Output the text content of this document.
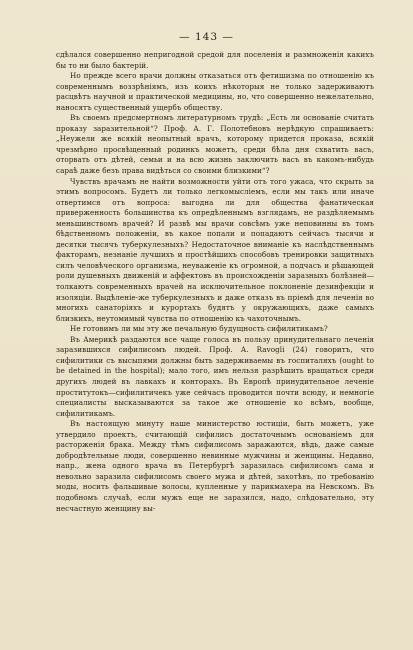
— 143 —

сдѣлался совершенно непригодной средой для поселенія и размноженія какихъ бы то ни было бактерій.

Но прежде всего врачи должны отказаться отъ фетишизма по отношенію къ современнымъ воззрѣніямъ, изъ коихъ нѣкоторыя не только задерживаютъ расцвѣтъ научной и практической медицины, но, что совершенно нежелательно, наносятъ существенный ущербъ обществу.

Въ своемъ предсмертномъ литературномъ трудѣ: „Есть ли основаніе считать проказу заразительной“? Проф. А. Г. Полотебновъ нерѣдкую спрашиваетъ: „Неужели же всякій неопытный врачъ, которому придется проказа, всякій чрезмѣрно просвѣщенный родинкъ можетъ, среди бѣла дня схватить васъ, оторвать отъ дѣтей, семьи и на всю жизнь заключить васъ въ какомъ-нибудь сараѣ даже безъ права видѣться со своими близкими“?

Чувствъ врачамъ не найти возможности уйти отъ того ужаса, что скрыть за этимъ вопросомъ. Будетъ ли только легкомысліемъ, если мы такъ или иначе отвертимся отъ вопроса: выгодна ли для общества фанатическая приверженность большинства къ опредѣленнымъ взглядамъ, не раздѣляемымъ меньшинствомъ врачей? И развѣ мы врачи совсѣмъ уже неповинны въ томъ бѣдственномъ положеніи, въ какое попали и попадаютъ сейчасъ тысячи и десятки тысячъ туберкулезныхъ? Недостаточное вниманіе къ наслѣдственнымъ факторамъ, незнаніе лучшихъ и простѣйшихъ способовъ тренировки защитныхъ силъ человѣческого организма, неуваженіе къ огромной, а подчасъ и рѣшающей роли душевныхъ движеній и аффектовъ въ происхожденіи заразныхъ болѣзней—толкаютъ современныхъ врачей на исключительное поклоненіе дезинфекціи и изоляціи. Выдѣленіе-же туберкулезныхъ и даже отказъ въ пріемѣ для леченія во многихъ санаторіяхъ и курортахъ будятъ у окружающихъ, даже самыхъ близкихъ, неутомимый чувства по отношенію къ чахоточнымъ.

Не готовимъ ли мы эту же печальную будущность сифилитикамъ?

Въ Америкѣ раздаются все чаще голоса въ пользу принудительнаго леченія заразившихся сифилисомъ людей. Проф. А. Ravogli (24) говоритъ, что сифилитики съ высыпями должны быть задерживаемы въ госпиталяхъ (ought to be detained in the hospital); мало того, имъ нельзя разрѣшить вращаться среди другихъ людей въ лавкахъ и конторахъ. Въ Европѣ принудительное леченіе проститутокъ—сифилитичекъ уже сейчасъ проводится почти всюду, и немногіе специалисты высказываются за такое же отношеніе ко всѣмъ, вообще, сифилитикамъ.

Въ настоящую минуту наше министерство юстиціи, быть можетъ, уже утвердило проектъ, считающій сифилисъ достаточнымъ основаніемъ для расторженія брака. Между тѣмъ сифилисомъ заражаются, вѣдь, даже самые добродѣтельные люди, совершенно невинные мужчины и женщины. Недавно, напр., жена одного врача въ Петербургѣ заразилась сифилисомъ сама и невольно заразила сифилисомъ своего мужа и дѣтей, захотѣвъ, по требованію моды, носить фальшивые волосы, купленные у парикмахера на Невскомъ. Въ подобномъ случаѣ, если мужъ еще не заразился, надо, слѣдовательно, эту несчастную женщину вы-
